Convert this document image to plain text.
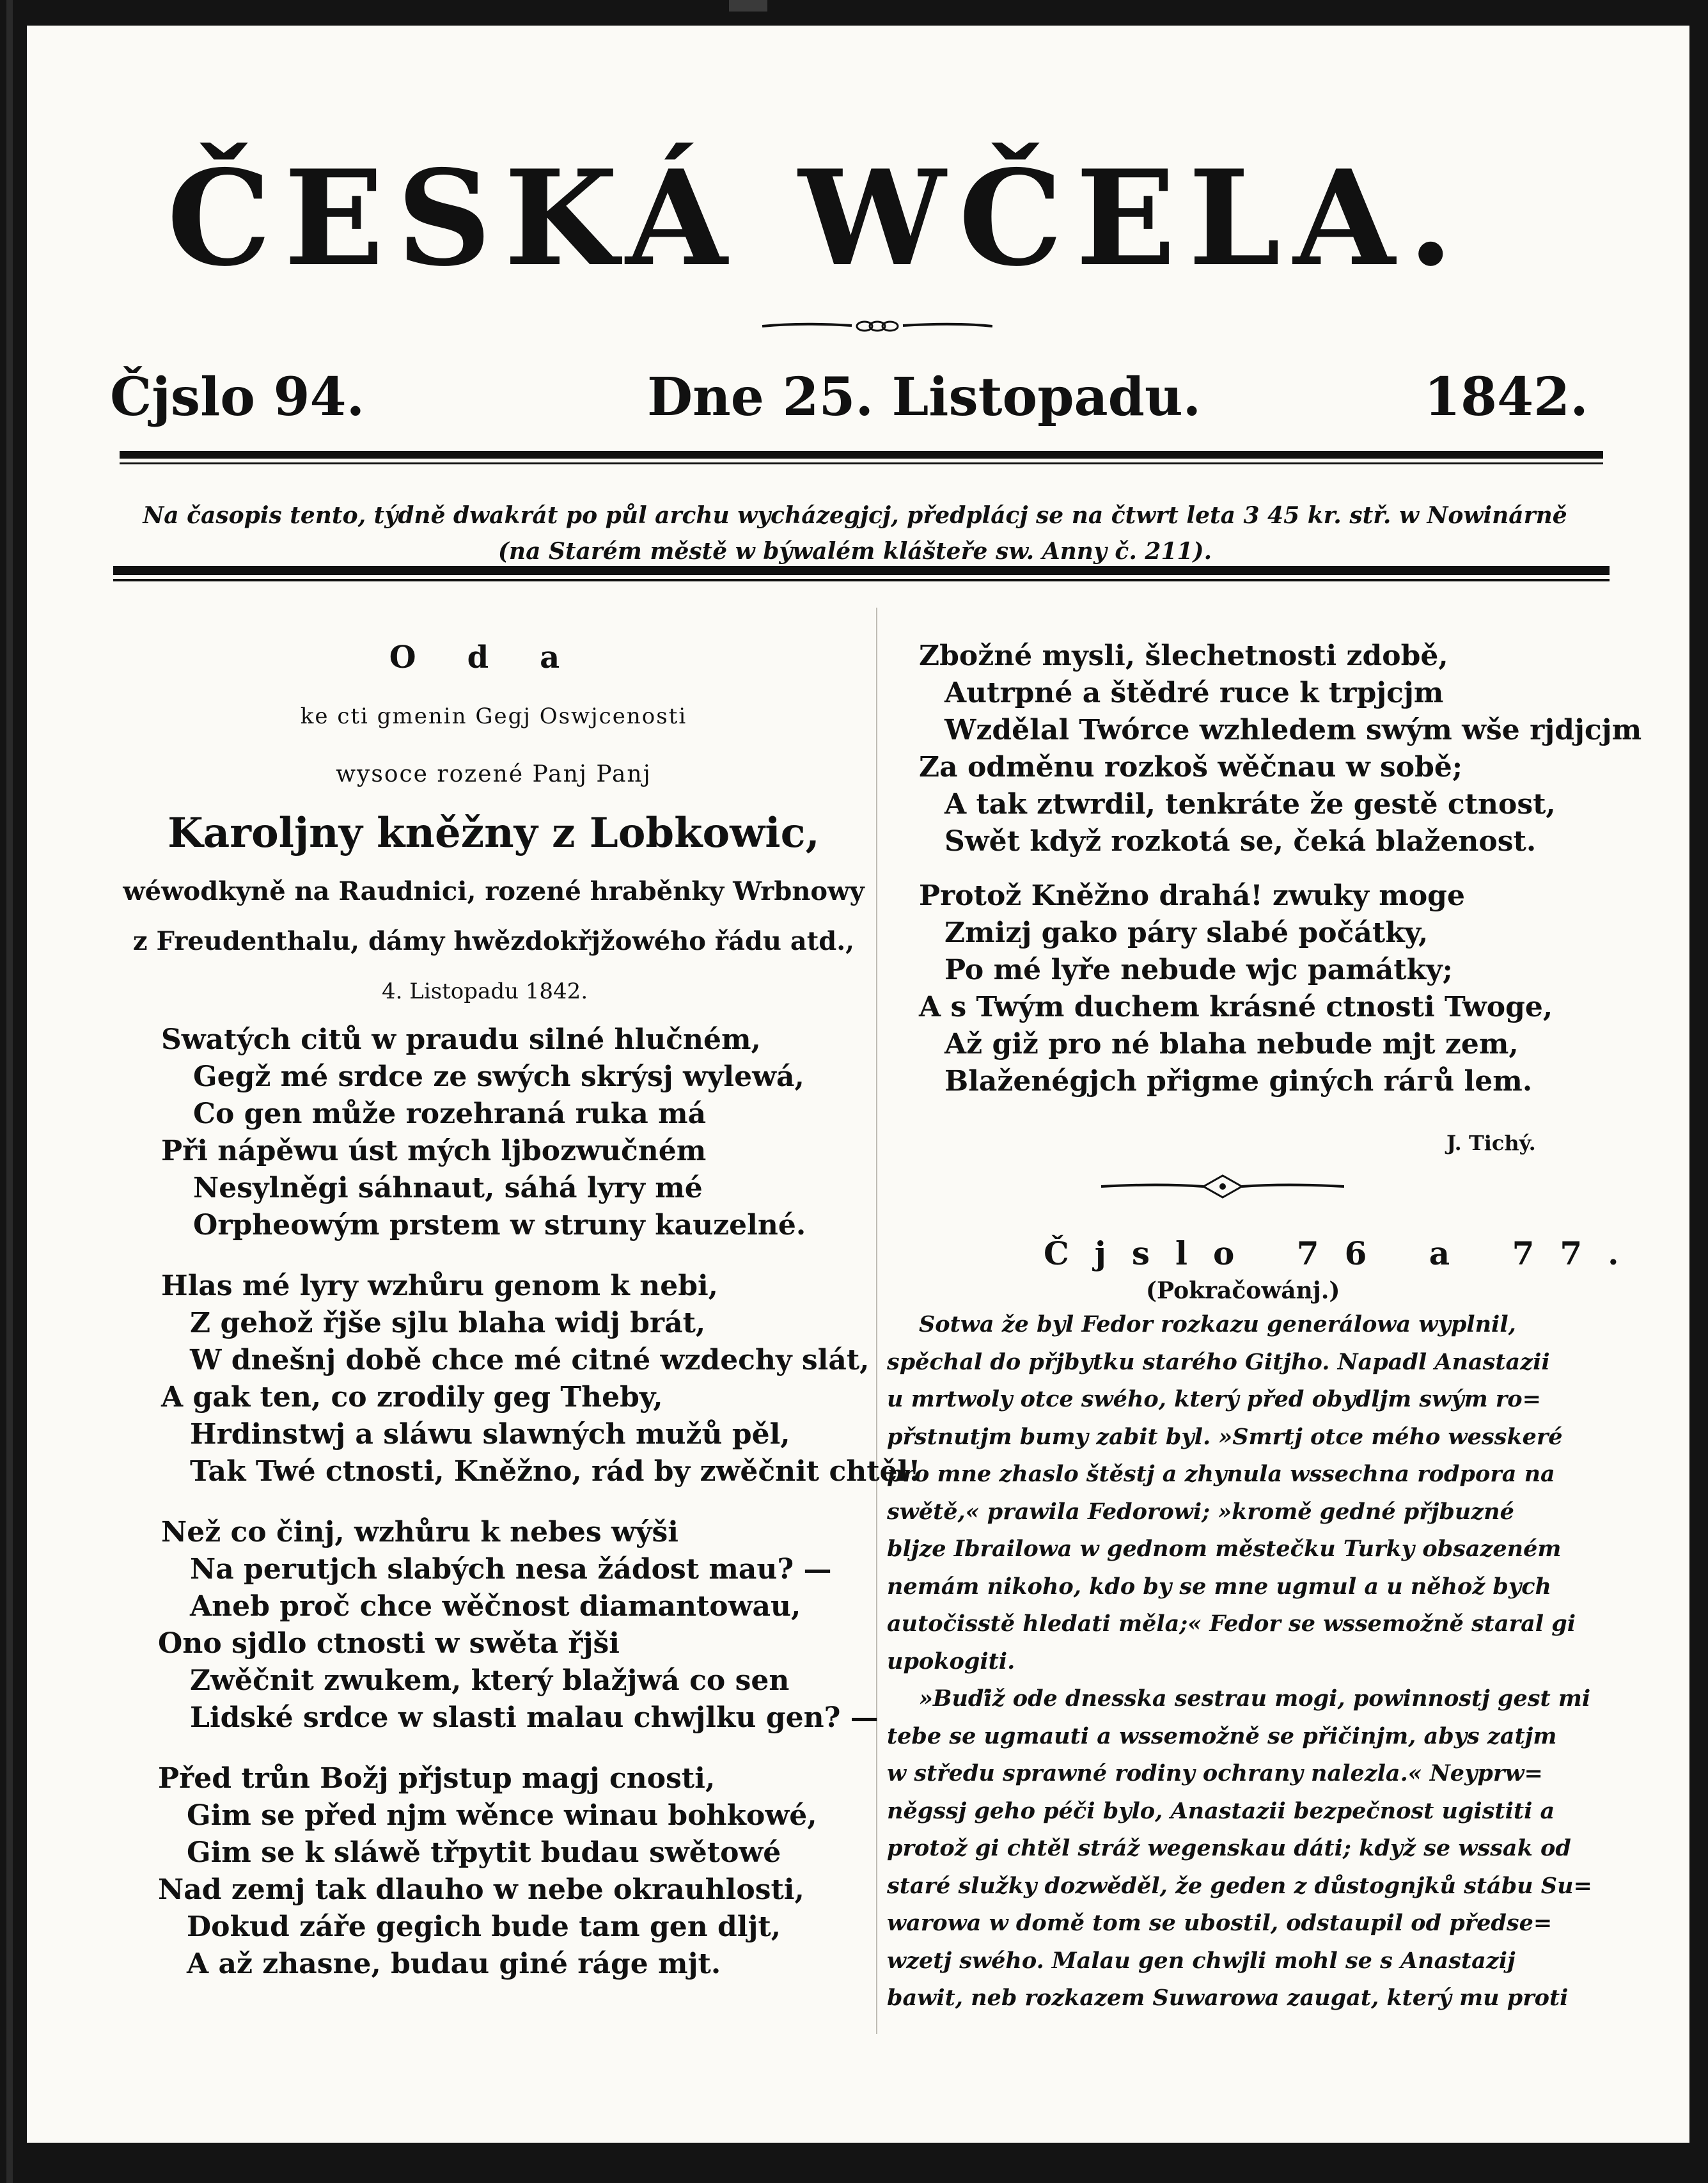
ČESKÁ WČELA.
Čjslo 94.	Dne 25. Listopadu.	1842.
Na časopis tento, týdně dwakrát po půl archu wycházegjcj, předplácj se na čtwrt leta 3 45 kr. stř. w Nowinárně
(na Starém městě w býwalém klášteře sw. Anny č. 211).
Oda
ke cti gmenin Gegj Oswjcenosti
wysoce rozené Panj Panj
Karoljny kněžny z Lobkowic,
wéwodkyně na Raudnici, rozené hraběnky Wrbnowy
z Freudenthalu, dámy hwězdokřjžowého řádu atd.,
4. Listopadu 1842.
Swatých citů w praudu silné hlučném,
Gegž mé srdce ze swých skrýsj wylewá,
Co gen může rozehraná ruka má
Při nápěwu úst mých ljbozwučném
Nesylněgi sáhnaut, sáhá lyry mé
Orpheowým prstem w struny kauzelné.
Hlas mé lyry wzhůru genom k nebi,
Z gehož řjše sjlu blaha widj brát,
W dnešnj době chce mé citné wzdechy slát,
A gak ten, co zrodily geg Theby,
Hrdinstwj a sláwu slawných mužů pěl,
Tak Twé ctnosti, Kněžno, rád by zwěčnit chtěl!
Než co činj, wzhůru k nebes wýši
Na perutjch slabých nesa žádost mau? —
Aneb proč chce wěčnost diamantowau,
Ono sjdlo ctnosti w swěta řjši
Zwěčnit zwukem, který blažjwá co sen
Lidské srdce w slasti malau chwjlku gen? —
Před trůn Božj přjstup magj cnosti,
Gim se před njm wěnce winau bohkowé,
Gim se k sláwě třpytit budau swětowé
Nad zemj tak dlauho w nebe okrauhlosti,
Dokud záře gegich bude tam gen dljt,
A až zhasne, budau giné ráge mjt.
Zbožné mysli, šlechetnosti zdobě,
Autrpné a štědré ruce k trpjcjm
Wzdělal Twórce wzhledem swým wše rjdjcjm
Za odměnu rozkoš wěčnau w sobě;
A tak ztwrdil, tenkráte že gestě ctnost,
Swět když rozkotá se, čeká blaženost.
Protož Kněžno drahá! zwuky moge
Zmizj gako páry slabé počátky,
Po mé lyře nebude wjc památky;
A s Twým duchem krásné ctnosti Twoge,
Až giž pro né blaha nebude mjt zem,
Blaženégjch přigme giných ráгů lem.
J. Tichý.
Čjslo 76 a 77.
(Pokračowánj.)
Sotwa že byl Fedor rozkazu generálowa wyplnil,
spěchal do přjbytku starého Gitjho. Napadl Anastazii
u mrtwoly otce swého, který před obydljm swým ro=
přstnutjm bumy zabit byl. »Smrtj otce mého wesskeré
pro mne zhaslo štěstj a zhynula wssechna rodpora na
swětě,« prawila Fedorowi; »kromě gedné přjbuzné
bljze Ibrailowa w gednom městečku Turky obsazeném
nemám nikoho, kdo by se mne ugmul a u něhož bych
autočisstě hledati měla;« Fedor se wssemožně staral gi
upokogiti.
»Buďiž ode dnesska sestrau mogi, powinnostj gest mi
tebe se ugmauti a wssemožně se přičinjm, abys zatjm
w středu sprawné rodiny ochrany nalezla.« Neyprw=
něgssj geho péči bylo, Anastazii bezpečnost ugistiti a
protož gi chtěl stráž wegenskau dáti; když se wssak od
staré služky dozwěděl, že geden z důstognjků stábu Su=
warowa w domě tom se ubostil, odstaupil od předse=
wzetj swého. Malau gen chwjli mohl se s Anastazij
bawit, neb rozkazem Suwarowa zaugat, který mu proti
